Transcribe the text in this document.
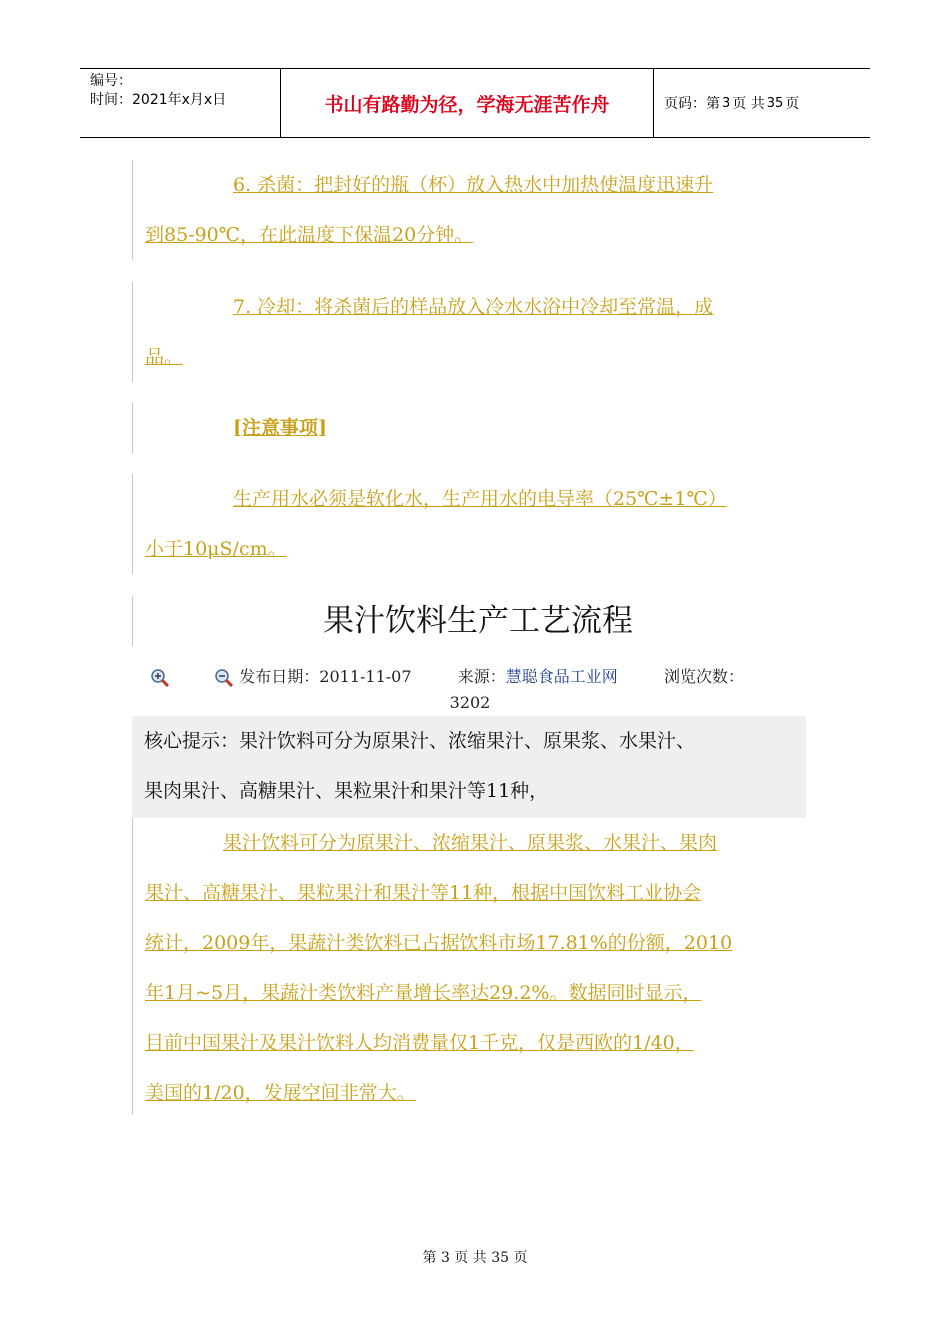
编号：
时间：2021年x月x日	书山有路勤为径，学海无涯苦作舟	页码：第 3 页 共 35 页

6. 杀菌：把封好的瓶（杯）放入热水中加热使温度迅速升
到85-90℃，在此温度下保温20分钟。

7. 冷却：将杀菌后的样品放入冷水水浴中冷却至常温，成
品。

[注意事项]

生产用水必须是软化水，生产用水的电导率（25℃±1℃）
小于10μS/cm。

果汁饮料生产工艺流程
发布日期：2011-11-07	来源：慧聪食品工业网	浏览次数：
3202
核心提示：果汁饮料可分为原果汁、浓缩果汁、原果浆、水果汁、
果肉果汁、高糖果汁、果粒果汁和果汁等11种，

果汁饮料可分为原果汁、浓缩果汁、原果浆、水果汁、果肉
果汁、高糖果汁、果粒果汁和果汁等11种，根据中国饮料工业协会
统计，2009年，果蔬汁类饮料已占据饮料市场17.81%的份额，2010
年1月~5月，果蔬汁类饮料产量增长率达29.2%。数据同时显示，
目前中国果汁及果汁饮料人均消费量仅1千克，仅是西欧的1/40，
美国的1/20，发展空间非常大。

第 3 页 共 35 页
